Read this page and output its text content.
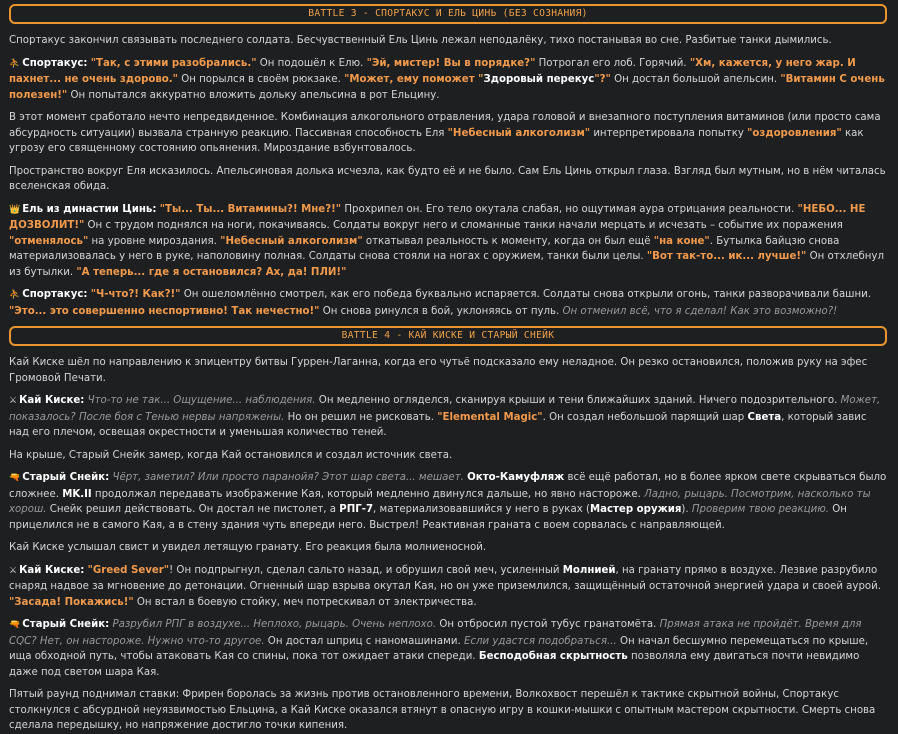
BATTLE 3 - СПОРТАКУС И ЕЛЬ ЦИНЬ (БЕЗ СОЗНАНИЯ)

Спортакус закончил связывать последнего солдата. Бесчувственный Ель Цинь лежал неподалёку, тихо постанывая во сне. Разбитые танки дымились.

⛹ Спортакус: "Так, с этими разобрались." Он подошёл к Елю. "Эй, мистер! Вы в порядке?" Потрогал его лоб. Горячий. "Хм, кажется, у него жар. И пахнет... не очень здорово." Он порылся в своём рюкзаке. "Может, ему поможет "Здоровый перекус"?" Он достал большой апельсин. "Витамин С очень полезен!" Он попытался аккуратно вложить дольку апельсина в рот Ельцину.

В этот момент сработало нечто непредвиденное. Комбинация алкогольного отравления, удара головой и внезапного поступления витаминов (или просто сама абсурдность ситуации) вызвала странную реакцию. Пассивная способность Еля "Небесный алкоголизм" интерпретировала попытку "оздоровления" как угрозу его священному состоянию опьянения. Мироздание взбунтовалось.

Пространство вокруг Еля исказилось. Апельсиновая долька исчезла, как будто её и не было. Сам Ель Цинь открыл глаза. Взгляд был мутным, но в нём читалась вселенская обида.

👑 Ель из династии Цинь: "Ты... Ты... Витамины?! Мне?!" Прохрипел он. Его тело окутала слабая, но ощутимая аура отрицания реальности. "НЕБО... НЕ ДОЗВОЛИТ!" Он с трудом поднялся на ноги, покачиваясь. Солдаты вокруг него и сломанные танки начали мерцать и исчезать – событие их поражения "отменялось" на уровне мироздания. "Небесный алкоголизм" откатывал реальность к моменту, когда он был ещё "на коне". Бутылка байцзю снова материализовалась у него в руке, наполовину полная. Солдаты снова стояли на ногах с оружием, танки были целы. "Вот так-то... ик... лучше!" Он отхлебнул из бутылки. "А теперь... где я остановился? Ах, да! ПЛИ!"

⛹ Спортакус: "Ч-что?! Как?!" Он ошеломлённо смотрел, как его победа буквально испаряется. Солдаты снова открыли огонь, танки разворачивали башни. "Это... это совершенно неспортивно! Так нечестно!" Он снова ринулся в бой, уклоняясь от пуль. Он отменил всё, что я сделал! Как это возможно?!

BATTLE 4 - КАЙ КИСКЕ И СТАРЫЙ СНЕЙК

Кай Киске шёл по направлению к эпицентру битвы Гуррен-Лаганна, когда его чутьё подсказало ему неладное. Он резко остановился, положив руку на эфес Громовой Печати.

⚔ Кай Киске: Что-то не так... Ощущение... наблюдения. Он медленно огляделся, сканируя крыши и тени ближайших зданий. Ничего подозрительного. Может, показалось? После боя с Тенью нервы напряжены. Но он решил не рисковать. "Elemental Magic". Он создал небольшой парящий шар Света, который завис над его плечом, освещая окрестности и уменьшая количество теней.

На крыше, Старый Снейк замер, когда Кай остановился и создал источник света.

🔫 Старый Снейк: Чёрт, заметил? Или просто паранойя? Этот шар света... мешает. Окто-Камуфляж всё ещё работал, но в более ярком свете скрываться было сложнее. MK.II продолжал передавать изображение Кая, который медленно двинулся дальше, но явно настороже. Ладно, рыцарь. Посмотрим, насколько ты хорош. Снейк решил действовать. Он достал не пистолет, а РПГ-7, материализовавшийся у него в руках (Мастер оружия). Проверим твою реакцию. Он прицелился не в самого Кая, а в стену здания чуть впереди него. Выстрел! Реактивная граната с воем сорвалась с направляющей.

Кай Киске услышал свист и увидел летящую гранату. Его реакция была молниеносной.

⚔ Кай Киске: "Greed Sever"! Он подпрыгнул, сделал сальто назад, и обрушил свой меч, усиленный Молнией, на гранату прямо в воздухе. Лезвие разрубило снаряд надвое за мгновение до детонации. Огненный шар взрыва окутал Кая, но он уже приземлился, защищённый остаточной энергией удара и своей аурой. "Засада! Покажись!" Он встал в боевую стойку, меч потрескивал от электричества.

🔫 Старый Снейк: Разрубил РПГ в воздухе... Неплохо, рыцарь. Очень неплохо. Он отбросил пустой тубус гранатомёта. Прямая атака не пройдёт. Время для CQC? Нет, он настороже. Нужно что-то другое. Он достал шприц с наномашинами. Если удастся подобраться... Он начал бесшумно перемещаться по крыше, ища обходной путь, чтобы атаковать Кая со спины, пока тот ожидает атаки спереди. Бесподобная скрытность позволяла ему двигаться почти невидимо даже под светом шара Кая.

Пятый раунд поднимал ставки: Фрирен боролась за жизнь против остановленного времени, Волкохвост перешёл к тактике скрытной войны, Спортакус столкнулся с абсурдной неуязвимостью Ельцина, а Кай Киске оказался втянут в опасную игру в кошки-мышки с опытным мастером скрытности. Смерть снова сделала передышку, но напряжение достигло точки кипения.
